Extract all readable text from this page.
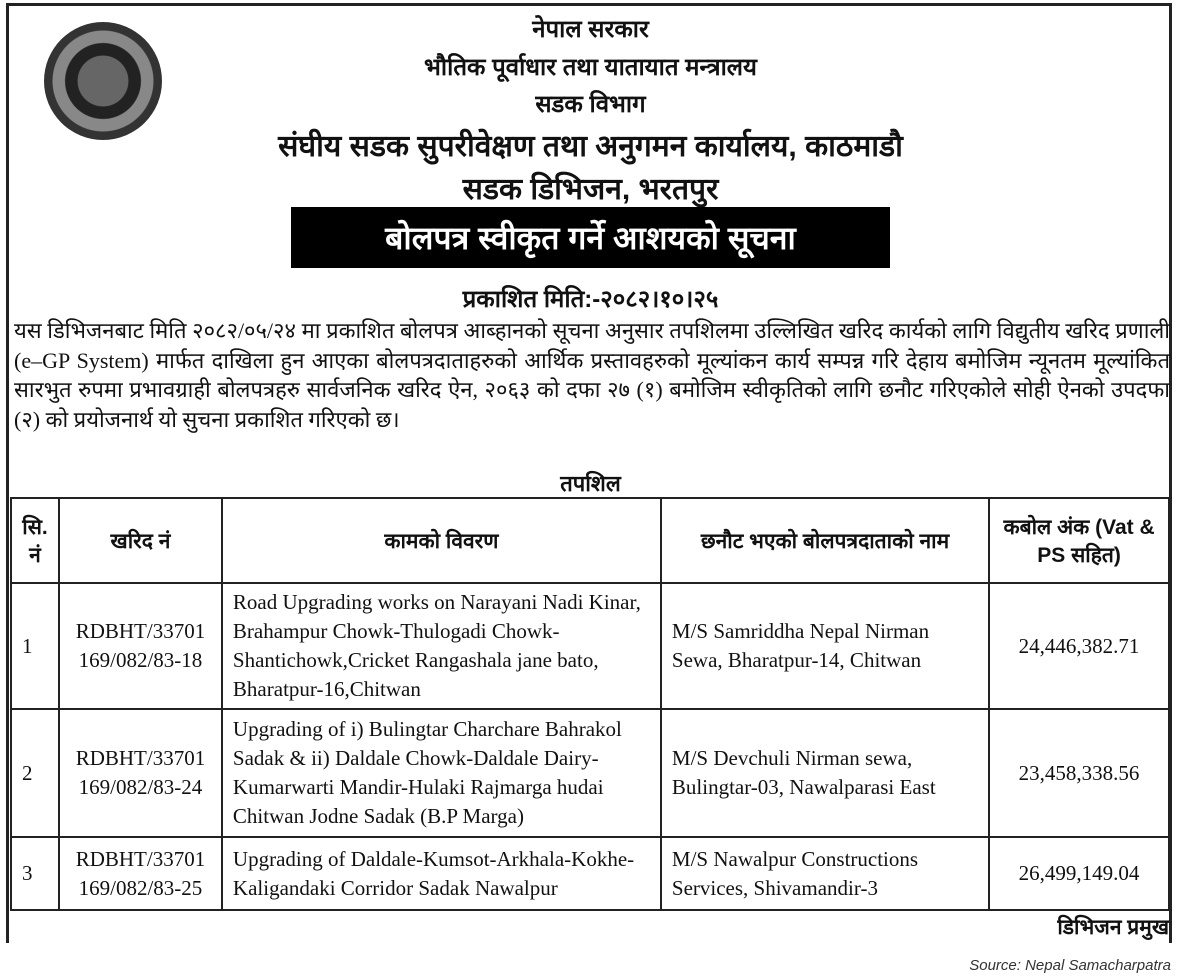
नेपाल सरकार
भौतिक पूर्वाधार तथा यातायात मन्त्रालय
सडक विभाग
संघीय सडक सुपरीवेक्षण तथा अनुगमन कार्यालय, काठमाडौ
सडक डिभिजन, भरतपुर
बोलपत्र स्वीकृत गर्ने आशयको सूचना
प्रकाशित मिति:-२०८२।१०।२५
यस डिभिजनबाट मिति २०८२/०५/२४ मा प्रकाशित बोलपत्र आब्हानको सूचना अनुसार तपशिलमा उल्लिखित खरिद कार्यको लागि विद्युतीय खरिद प्रणाली (e–GP System) मार्फत दाखिला हुन आएका बोलपत्रदाताहरुको आर्थिक प्रस्तावहरुको मूल्यांकन कार्य सम्पन्न गरि देहाय बमोजिम न्यूनतम मूल्यांकित सारभुत रुपमा प्रभावग्राही बोलपत्रहरु सार्वजनिक खरिद ऐन, २०६३ को दफा २७ (१) बमोजिम स्वीकृतिको लागि छनौट गरिएकोले सोही ऐनको उपदफा (२) को प्रयोजनार्थ यो सुचना प्रकाशित गरिएको छ।
तपशिल
सि. नं	खरिद नं	कामको विवरण	छनौट भएको बोलपत्रदाताको नाम	कबोल अंक (Vat & PS सहित)
1	RDBHT/33701 169/082/83-18	Road Upgrading works on Narayani Nadi Kinar, Brahampur Chowk-Thulogadi Chowk-Shantichowk,Cricket Rangashala jane bato, Bharatpur-16,Chitwan	M/S Samriddha Nepal Nirman Sewa, Bharatpur-14, Chitwan	24,446,382.71
2	RDBHT/33701 169/082/83-24	Upgrading of i) Bulingtar Charchare Bahrakol Sadak & ii) Daldale Chowk-Daldale Dairy-Kumarwarti Mandir-Hulaki Rajmarga hudai Chitwan Jodne Sadak (B.P Marga)	M/S Devchuli Nirman sewa, Bulingtar-03, Nawalparasi East	23,458,338.56
3	RDBHT/33701 169/082/83-25	Upgrading of Daldale-Kumsot-Arkhala-Kokhe-Kaligandaki Corridor Sadak Nawalpur	M/S Nawalpur Constructions Services, Shivamandir-3	26,499,149.04
डिभिजन प्रमुख
Source: Nepal Samacharpatra
